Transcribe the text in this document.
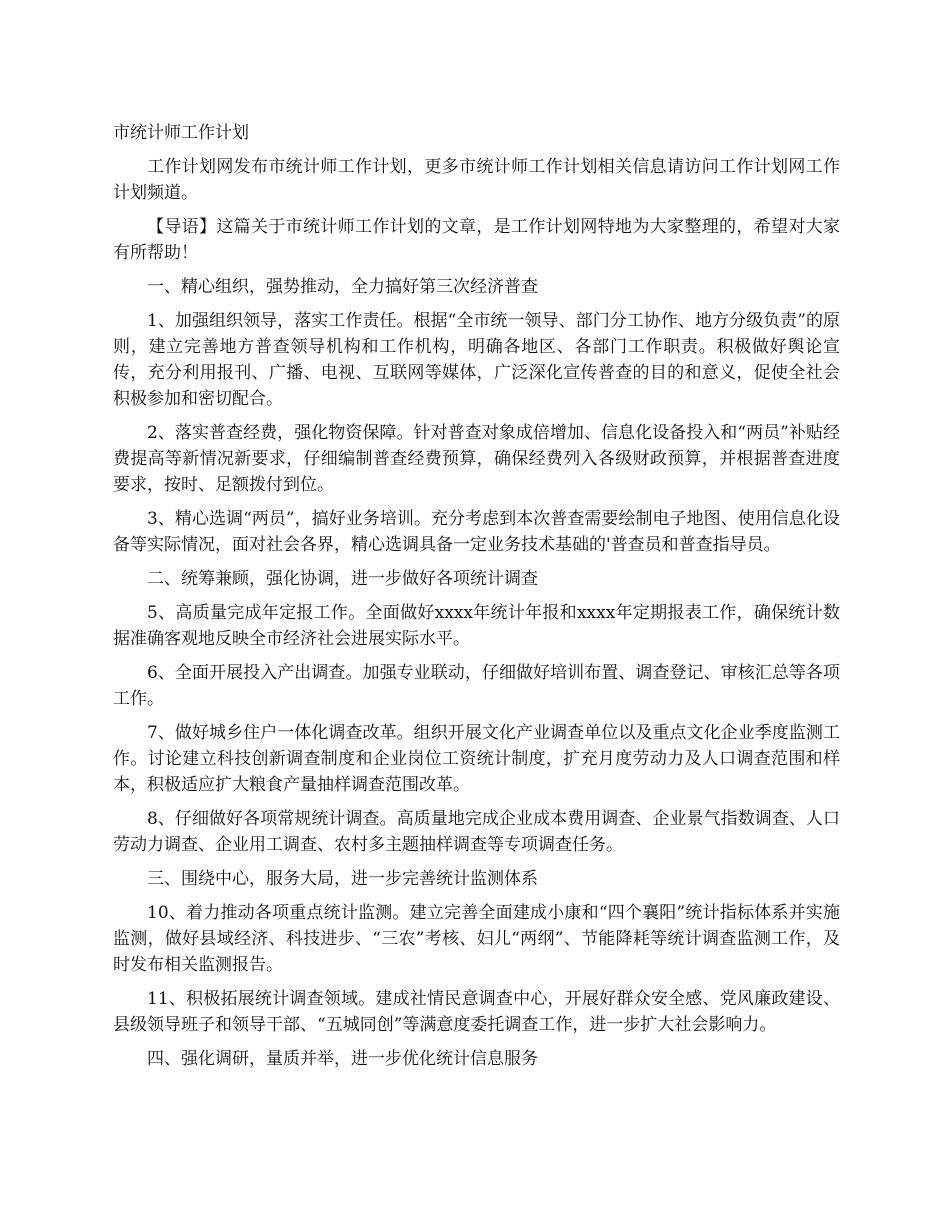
市统计师工作计划

工作计划网发布市统计师工作计划，更多市统计师工作计划相关信息请访问工作计划网工作计划频道。

【导语】这篇关于市统计师工作计划的文章，是工作计划网特地为大家整理的，希望对大家有所帮助！

一、精心组织，强势推动，全力搞好第三次经济普查

1、加强组织领导，落实工作责任。根据“全市统一领导、部门分工协作、地方分级负责”的原则，建立完善地方普查领导机构和工作机构，明确各地区、各部门工作职责。积极做好舆论宣传，充分利用报刊、广播、电视、互联网等媒体，广泛深化宣传普查的目的和意义，促使全社会积极参加和密切配合。

2、落实普查经费，强化物资保障。针对普查对象成倍增加、信息化设备投入和“两员”补贴经费提高等新情况新要求，仔细编制普查经费预算，确保经费列入各级财政预算，并根据普查进度要求，按时、足额拨付到位。

3、精心选调“两员”，搞好业务培训。充分考虑到本次普查需要绘制电子地图、使用信息化设备等实际情况，面对社会各界，精心选调具备一定业务技术基础的'普查员和普查指导员。

二、统筹兼顾，强化协调，进一步做好各项统计调查

5、高质量完成年定报工作。全面做好xxxx年统计年报和xxxx年定期报表工作，确保统计数据准确客观地反映全市经济社会进展实际水平。

6、全面开展投入产出调查。加强专业联动，仔细做好培训布置、调查登记、审核汇总等各项工作。

7、做好城乡住户一体化调查改革。组织开展文化产业调查单位以及重点文化企业季度监测工作。讨论建立科技创新调查制度和企业岗位工资统计制度，扩充月度劳动力及人口调查范围和样本，积极适应扩大粮食产量抽样调查范围改革。

8、仔细做好各项常规统计调查。高质量地完成企业成本费用调查、企业景气指数调查、人口劳动力调查、企业用工调查、农村多主题抽样调查等专项调查任务。

三、围绕中心，服务大局，进一步完善统计监测体系

10、着力推动各项重点统计监测。建立完善全面建成小康和“四个襄阳”统计指标体系并实施监测，做好县域经济、科技进步、“三农”考核、妇儿“两纲”、节能降耗等统计调查监测工作，及时发布相关监测报告。

11、积极拓展统计调查领域。建成社情民意调查中心，开展好群众安全感、党风廉政建设、县级领导班子和领导干部、“五城同创”等满意度委托调查工作，进一步扩大社会影响力。

四、强化调研，量质并举，进一步优化统计信息服务
